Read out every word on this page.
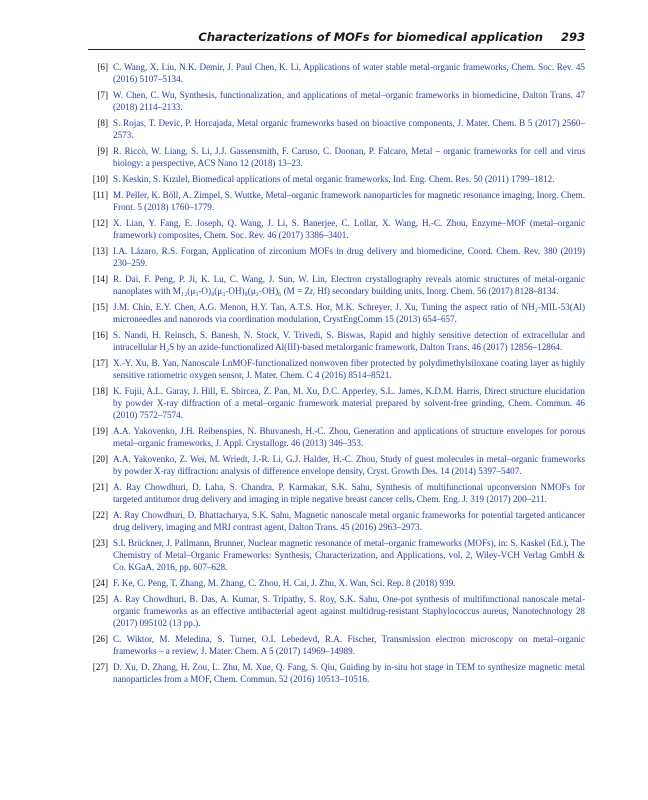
Characterizations of MOFs for biomedical application 293
[6] C. Wang, X. Liu, N.K. Demir, J. Paul Chen, K. Li, Applications of water stable metal-organic frameworks, Chem. Soc. Rev. 45 (2016) 5107–5134.
[7] W. Chen, C. Wu, Synthesis, functionalization, and applications of metal–organic frameworks in biomedicine, Dalton Trans. 47 (2018) 2114–2133.
[8] S. Rojas, T. Devic, P. Horcajada, Metal organic frameworks based on bioactive components, J. Mater. Chem. B 5 (2017) 2560–2573.
[9] R. Riccò, W. Liang, S. Li, J.J. Gassensmith, F. Caruso, C. Doonan, P. Falcaro, Metal – organic frameworks for cell and virus biology: a perspective, ACS Nano 12 (2018) 13–23.
[10] S. Keskin, S. Kızılel, Biomedical applications of metal organic frameworks, Ind. Eng. Chem. Res. 50 (2011) 1799–1812.
[11] M. Peller, K. Böll, A. Zimpel, S. Wuttke, Metal–organic framework nanoparticles for magnetic resonance imaging, Inorg. Chem. Front. 5 (2018) 1760–1779.
[12] X. Lian, Y. Fang, E. Joseph, Q. Wang, J. Li, S. Banerjee, C. Lollar, X. Wang, H.-C. Zhou, Enzyme–MOF (metal–organic framework) composites, Chem. Soc. Rev. 46 (2017) 3386–3401.
[13] I.A. Lázaro, R.S. Forgan, Application of zirconium MOFs in drug delivery and biomedicine, Coord. Chem. Rev. 380 (2019) 230–259.
[14] R. Dai, F. Peng, P. Ji, K. Lu, C. Wang, J. Sun, W. Lin, Electron crystallography reveals atomic structures of metal-organic nanoplates with M₁₂(μ₃-O)₈(μ₃-OH)₈(μ₂-OH)₆ (M = Zr, Hf) secondary building units, Inorg. Chem. 56 (2017) 8128–8134.
[15] J.M. Chin, E.Y. Chen, A.G. Menon, H.Y. Tan, A.T.S. Hor, M.K. Schreyer, J. Xu, Tuning the aspect ratio of NH₂-MIL-53(Al) microneedles and nanorods via coordination modulation, CrystEngComm 15 (2013) 654–657.
[16] S. Nandi, H. Reinsch, S. Banesh, N. Stock, V. Trivedi, S. Biswas, Rapid and highly sensitive detection of extracellular and intracellular H₂S by an azide-functionalized Al(III)-based metalorganic framework, Dalton Trans. 46 (2017) 12856–12864.
[17] X.-Y. Xu, B. Yan, Nanoscale LnMOF-functionalized nonwoven fiber protected by polydimethylsiloxane coating layer as highly sensitive ratiometric oxygen sensor, J. Mater. Chem. C 4 (2016) 8514–8521.
[18] K. Fujii, A.L. Garay, J. Hill, E. Sbircea, Z. Pan, M. Xu, D.C. Apperley, S.L. James, K.D.M. Harris, Direct structure elucidation by powder X-ray diffraction of a metal–organic framework material prepared by solvent-free grinding, Chem. Commun. 46 (2010) 7572–7574.
[19] A.A. Yakovenko, J.H. Reibenspies, N. Bhuvanesh, H.-C. Zhou, Generation and applications of structure envelopes for porous metal–organic frameworks, J. Appl. Crystallogr. 46 (2013) 346–353.
[20] A.A. Yakovenko, Z. Wei, M. Wriedt, J.-R. Li, G.J. Halder, H.-C. Zhou, Study of guest molecules in metal–organic frameworks by powder X-ray diffraction: analysis of difference envelope density, Cryst. Growth Des. 14 (2014) 5397–5407.
[21] A. Ray Chowdhuri, D. Laha, S. Chandra, P. Karmakar, S.K. Sahu, Synthesis of multifunctional upconversion NMOFs for targeted antitumor drug delivery and imaging in triple negative breast cancer cells, Chem. Eng. J. 319 (2017) 200–211.
[22] A. Ray Chowdhuri, D. Bhattacharya, S.K. Sahu, Magnetic nanoscale metal organic frameworks for potential targeted anticancer drug delivery, imaging and MRI contrast agent, Dalton Trans. 45 (2016) 2963–2973.
[23] S.I. Brückner, J. Pallmann, Brunner, Nuclear magnetic resonance of metal–organic frameworks (MOFs), in: S. Kaskel (Ed.), The Chemistry of Metal–Organic Frameworks: Synthesis, Characterization, and Applications, vol. 2, Wiley-VCH Verlag GmbH & Co. KGaA, 2016, pp. 607–628.
[24] F. Ke, C. Peng, T. Zhang, M. Zhang, C. Zhou, H. Cai, J. Zhu, X. Wan, Sci. Rep. 8 (2018) 939.
[25] A. Ray Chowdhuri, B. Das, A. Kumar, S. Tripathy, S. Roy, S.K. Sahu, One-pot synthesis of multifunctional nanoscale metal-organic frameworks as an effective antibacterial agent against multidrug-resistant Staphylococcus aureus, Nanotechnology 28 (2017) 095102 (13 pp.).
[26] C. Wiktor, M. Meledina, S. Turner, O.I. Lebedevd, R.A. Fischer, Transmission electron microscopy on metal–organic frameworks – a review, J. Mater. Chem. A 5 (2017) 14969–14989.
[27] D. Xu, D. Zhang, H. Zou, L. Zhu, M. Xue, Q. Fang, S. Qiu, Guiding by in-situ hot stage in TEM to synthesize magnetic metal nanoparticles from a MOF, Chem. Commun. 52 (2016) 10513–10516.
